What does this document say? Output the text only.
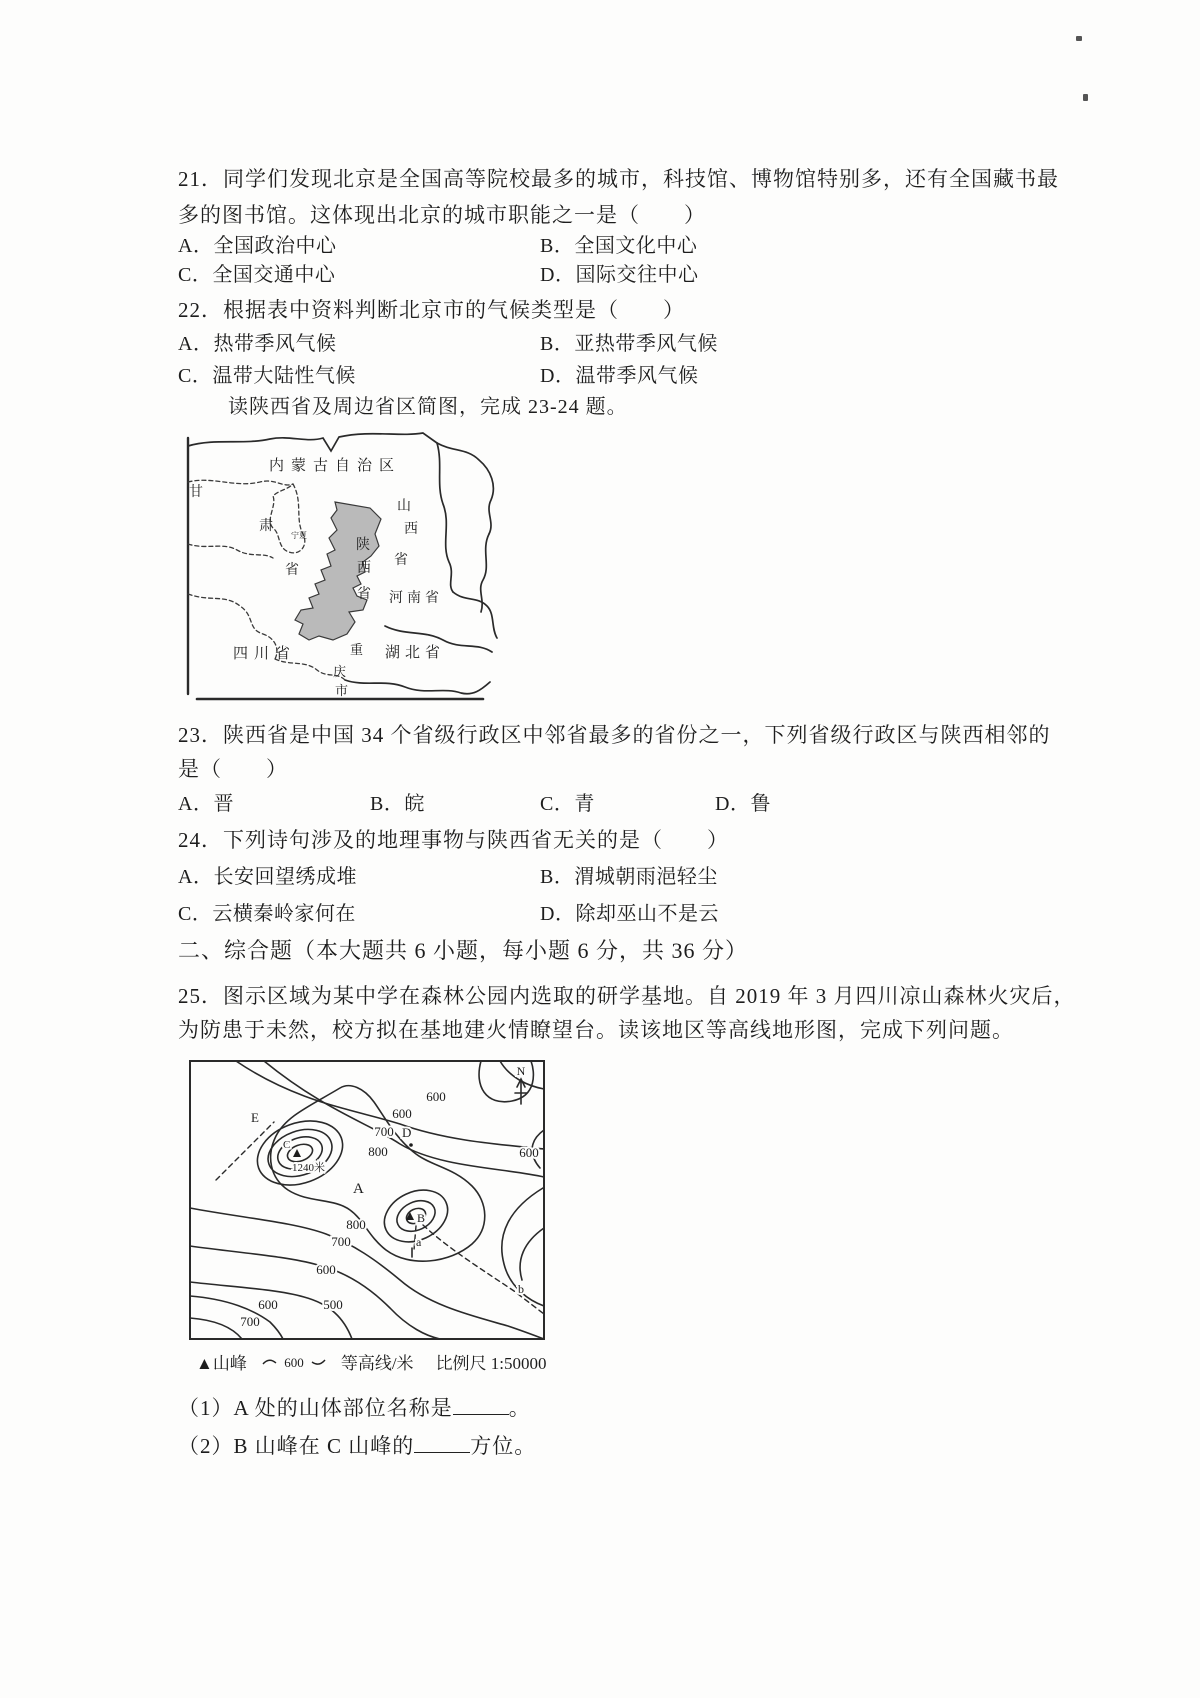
21．同学们发现北京是全国高等院校最多的城市，科技馆、博物馆特别多，还有全国藏书最
多的图书馆。这体现出北京的城市职能之一是（　　）
A．全国政治中心	B．全国文化中心
C．全国交通中心	D．国际交往中心
22．根据表中资料判断北京市的气候类型是（　　）
A．热带季风气候	B．亚热带季风气候
C．温带大陆性气候	D．温带季风气候
读陕西省及周边省区简图，完成 23-24 题。
内蒙古自治区
甘
肃
省
宁夏
山
西
省
陕
西
省 河南省
四川省	重
庆
市
湖北省
23．陕西省是中国 34 个省级行政区中邻省最多的省份之一，下列省级行政区与陕西相邻的
是（　　）
A．晋	B．皖	C．青	D．鲁
24．下列诗句涉及的地理事物与陕西省无关的是（　　）
A．长安回望绣成堆	B．渭城朝雨浥轻尘
C．云横秦岭家何在	D．除却巫山不是云
二、综合题（本大题共 6 小题，每小题 6 分，共 36 分）
25．图示区域为某中学在森林公园内选取的研学基地。自 2019 年 3 月四川凉山森林火灾后，
为防患于未然，校方拟在基地建火情瞭望台。读该地区等高线地形图，完成下列问题。
N
E
D
A
B
C
a
b
1240米
600
600
700
800	600
800
700
600
500
600
700
▲山峰	600 等高线/米 比例尺 1:50000
（1）A 处的山体部位名称是	。
（2）B 山峰在 C 山峰的	方位。
